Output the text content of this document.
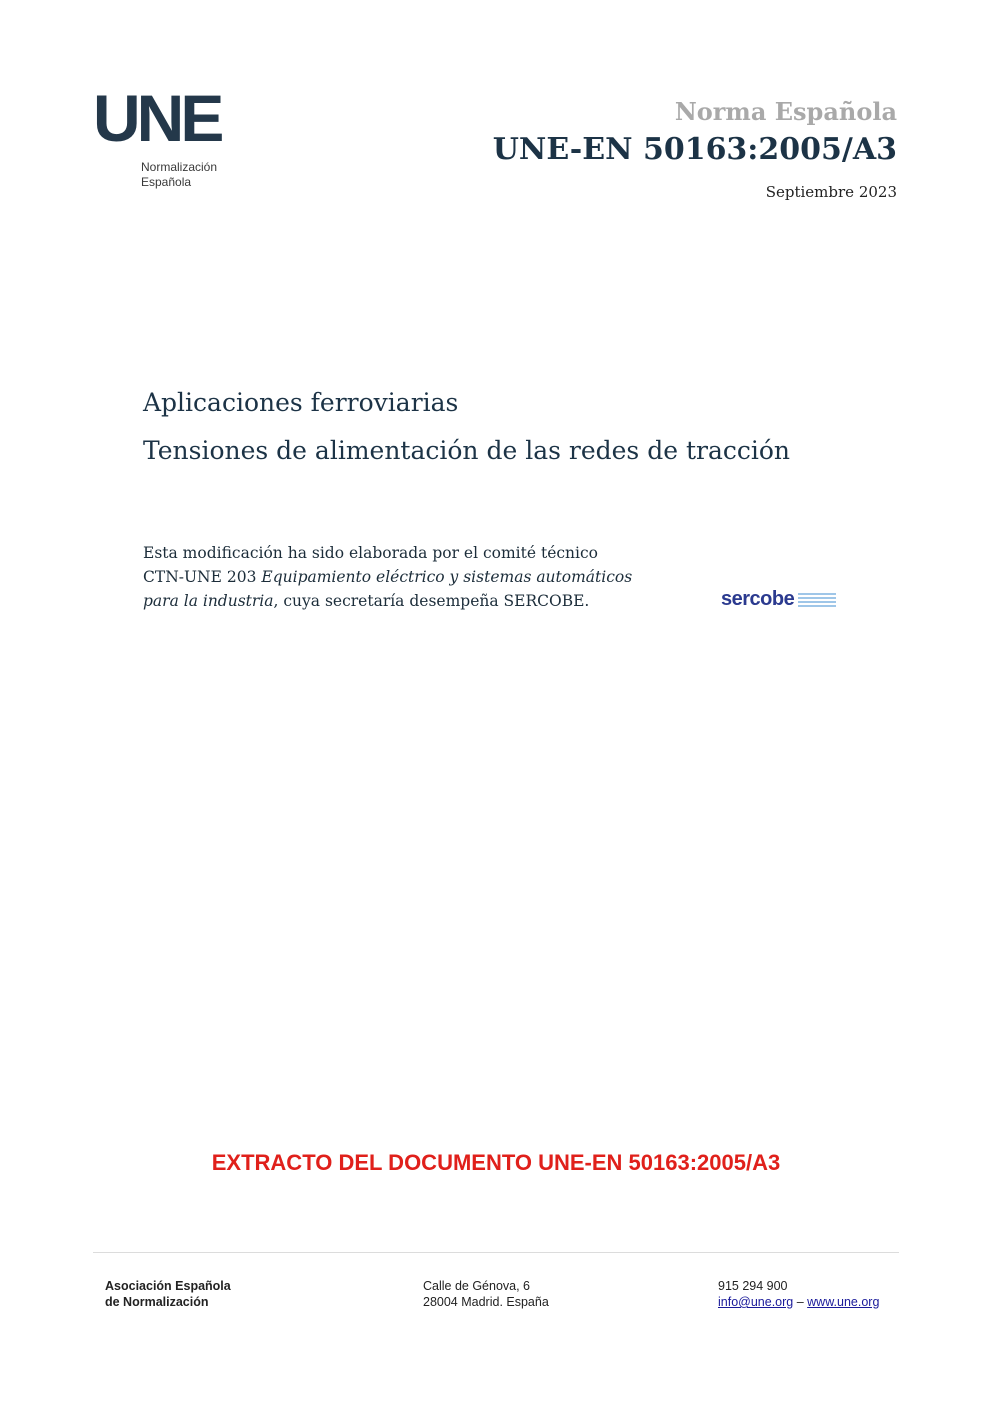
UNE
Normalización
Española
Norma Española
UNE-EN 50163:2005/A3
Septiembre 2023
Aplicaciones ferroviarias
Tensiones de alimentación de las redes de tracción
Esta modificación ha sido elaborada por el comité técnico
CTN-UNE 203 Equipamiento eléctrico y sistemas automáticos
para la industria, cuya secretaría desempeña SERCOBE.	sercobe
EXTRACTO DEL DOCUMENTO UNE-EN 50163:2005/A3
Asociación Española
de Normalización
Calle de Génova, 6
28004 Madrid. España
915 294 900
info@une.org – www.une.org
